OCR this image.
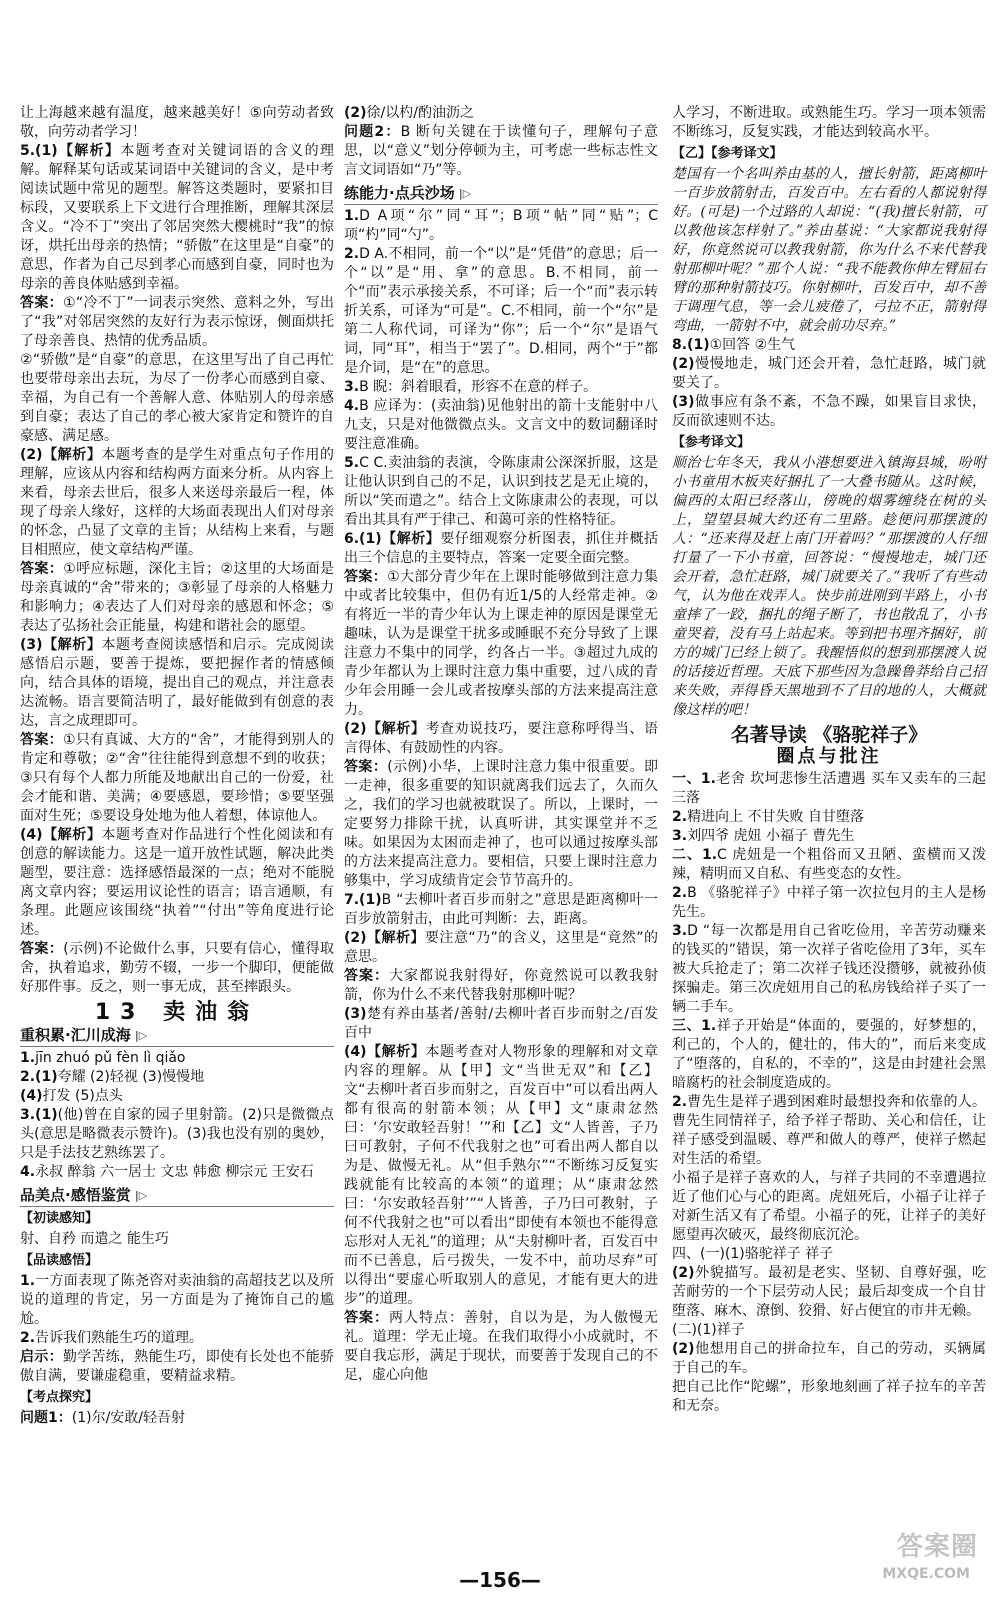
让上海越来越有温度，越来越美好！⑤向劳动者致敬，向劳动者学习！

5.(1)【解析】本题考查对关键词语的含义的理解。解释某句话或某词语中关键词的含义，是中考阅读试题中常见的题型。解答这类题时，要紧扣目标段，又要联系上下文进行合理推断，理解其深层含义。“冷不丁”突出了邻居突然大樱桃时“我”的惊讶，烘托出母亲的热情；“骄傲”在这里是“自豪”的意思，作者为自己尽到孝心而感到自豪，同时也为母亲的善良体贴感到幸福。

答案：①“冷不丁”一词表示突然、意料之外，写出了“我”对邻居突然的友好行为表示惊讶，侧面烘托了母亲善良、热情的优秀品质。

②“骄傲”是“自豪”的意思，在这里写出了自己再忙也要带母亲出去玩，为尽了一份孝心而感到自豪、幸福，为自己有一个善解人意、体贴别人的母亲感到自豪；表达了自己的孝心被大家肯定和赞许的自豪感、满足感。

(2)【解析】本题考查的是学生对重点句子作用的理解，应该从内容和结构两方面来分析。从内容上来看，母亲去世后，很多人来送母亲最后一程，体现了母亲人缘好，这样的大场面表现出人们对母亲的怀念，凸显了文章的主旨；从结构上来看，与题目相照应，使文章结构严谨。

答案：①呼应标题，深化主旨；②这里的大场面是母亲真诚的“舍”带来的；③彰显了母亲的人格魅力和影响力；④表达了人们对母亲的感恩和怀念；⑤表达了弘扬社会正能量，构建和谐社会的愿望。

(3)【解析】本题考查阅读感悟和启示。完成阅读感悟启示题，要善于提炼，要把握作者的情感倾向，结合具体的语境，提出自己的观点，并注意表达流畅。语言要简洁明了，最好能做到有创意的表达，言之成理即可。

答案：①只有真诚、大方的“舍”，才能得到别人的肯定和尊敬；②“舍”往往能得到意想不到的收获；③只有每个人都力所能及地献出自己的一份爱，社会才能和谐、美满；④要感恩，要珍惜；⑤要坚强面对生死；⑤要设身处地为他人着想，体谅他人。

(4)【解析】本题考查对作品进行个性化阅读和有创意的解读能力。这是一道开放性试题，解决此类题型，要注意：选择感悟最深的一点；绝对不能脱离文章内容；要运用议论性的语言；语言通顺，有条理。此题应该围绕“执着”“付出”等角度进行论述。

答案：(示例)不论做什么事，只要有信心，懂得取舍，执着追求，勤劳不辍，一步一个脚印，便能做好那件事。反之，则一事无成，甚至摔跟头。

13 卖油翁
重积累·汇川成海 |▷

1.jīn zhuó pǔ fèn lì qiǎo

2.(1)夸耀 (2)轻视 (3)慢慢地

(4)打发 (5)点头

3.(1)(他)曾在自家的园子里射箭。(2)只是微微点头(意思是略微表示赞许)。(3)我也没有别的奥妙，只是手法技艺熟练罢了。

4.永叔 醉翁 六一居士 文忠 韩愈 柳宗元 王安石

品美点·感悟鉴赏 |▷
【初读感知】

射、自矜 而遣之 能生巧

【品读感悟】

1.一方面表现了陈尧咨对卖油翁的高超技艺以及所说的道理的肯定，另一方面是为了掩饰自己的尴尬。

2.告诉我们熟能生巧的道理。

启示：勤学苦练，熟能生巧，即使有长处也不能骄傲自满，要谦虚稳重，要精益求精。

【考点探究】

问题1：(1)尔/安敢/轻吾射

(2)徐/以杓/酌油沥之

问题2：B 断句关键在于读懂句子，理解句子意思，以“意义”划分停顿为主，可考虑一些标志性文言文词语如“乃”等。

练能力·点兵沙场 |▷

1.D A项“尔”同“耳”；B项“帖”同“贴”；C项“杓”同“勺”。

2.D A.不相同，前一个“以”是“凭借”的意思；后一个“以”是“用、拿”的意思。B.不相同，前一个“而”表示承接关系，不可译；后一个“而”表示转折关系，可译为“可是”。C.不相同，前一个“尔”是第二人称代词，可译为“你”；后一个“尔”是语气词，同“耳”，相当于“罢了”。D.相同，两个“于”都是介词，是“在”的意思。

3.B 睨：斜着眼看，形容不在意的样子。

4.B 应译为：(卖油翁)见他射出的箭十支能射中八九支，只是对他微微点头。文言文中的数词翻译时要注意准确。

5.C C.卖油翁的表演，令陈康肃公深深折服，这是让他认识到自己的不足，认识到技艺是无止境的，所以“笑而遣之”。结合上文陈康肃公的表现，可以看出其具有严于律己、和蔼可亲的性格特征。

6.(1)【解析】要仔细观察分析图表，抓住并概括出三个信息的主要特点，答案一定要全面完整。

答案：①大部分青少年在上课时能够做到注意力集中或者比较集中，但仍有近1/5的人经常走神。②有将近一半的青少年认为上课走神的原因是课堂无趣味，认为是课堂干扰多或睡眠不充分导致了上课注意力不集中的同学，约各占一半。③超过九成的青少年都认为上课时注意力集中重要，过八成的青少年会用睡一会儿或者按摩头部的方法来提高注意力。

(2)【解析】考查劝说技巧，要注意称呼得当、语言得体、有鼓励性的内容。

答案：(示例)小华，上课时注意力集中很重要。即一走神，很多重要的知识就离我们远去了，久而久之，我们的学习也就被耽误了。所以，上课时，一定要努力排除干扰，认真听讲，其实课堂并不乏味。如果因为太困而走神了，也可以通过按摩头部的方法来提高注意力。要相信，只要上课时注意力够集中，学习成绩肯定会节节高升的。

7.(1)B “去柳叶者百步而射之”意思是距离柳叶一百步放箭射击，由此可判断：去，距离。

(2)【解析】要注意“乃”的含义，这里是“竟然”的意思。

答案：大家都说我射得好，你竟然说可以教我射箭，你为什么不来代替我射那柳叶呢？

(3)楚有养由基者/善射/去柳叶者百步而射之/百发百中

(4)【解析】本题考查对人物形象的理解和对文章内容的理解。从【甲】文“当世无双”和【乙】文“去柳叶者百步而射之，百发百中”可以看出两人都有很高的射箭本领；从【甲】文“康肃忿然曰：‘尔安敢轻吾射！’”和【乙】文“人皆善，子乃曰可教射，子何不代我射之也”可看出两人都自以为是、做慢无礼。从“但手熟尔”“不断练习反复实践就能有比较高的本领”的道理；从“康肃忿然曰：‘尔安敢轻吾射’”“人皆善，子乃曰可教射，子何不代我射之也”可以看出“即使有本领也不能得意忘形对人无礼”的道理；从“夫射柳叶者，百发百中而不已善息，后弓拨失，一发不中，前功尽弃”可以得出“要虚心听取别人的意见，才能有更大的进步”的道理。

答案：两人特点：善射，自以为是，为人傲慢无礼。道理：学无止境。在我们取得小小成就时，不要自我忘形，满足于现状，而要善于发现自己的不足，虚心向他

人学习，不断进取。或熟能生巧。学习一项本领需不断练习，反复实践，才能达到较高水平。

【乙】【参考译文】

楚国有一个名叫养由基的人，擅长射箭，距离柳叶一百步放箭射击，百发百中。左右看的人都说射得好。(可是)一个过路的人却说：“(我)擅长射箭，可以教他该怎样射了。”养由基说：“大家都说我射得好，你竟然说可以教我射箭，你为什么不来代替我射那柳叶呢？”那个人说：“我不能教你伸左臂屈右臂的那种射箭技巧。你射柳叶，百发百中，却不善于调理气息，等一会儿疲倦了，弓拉不正，箭射得弯曲，一箭射不中，就会前功尽弃。”

8.(1)①回答 ②生气

(2)慢慢地走，城门还会开着，急忙赶路，城门就要关了。

(3)做事应有条不紊，不急不躁，如果盲目求快，反而欲速则不达。

【参考译文】

顺治七年冬天，我从小港想要进入镇海县城，吩咐小书童用木板夹好捆扎了一大叠书随从。这时候，偏西的太阳已经落山，傍晚的烟雾缠绕在树的头上，望望县城大约还有二里路。趁便问那摆渡的人：“还来得及赶上南门开着吗？”那摆渡的人仔细打量了一下小书童，回答说：“慢慢地走，城门还会开着，急忙赶路，城门就要关了。”我听了有些动气，认为他在戏弄人。快步前进刚到半路上，小书童摔了一跤，捆扎的绳子断了，书也散乱了，小书童哭着，没有马上站起来。等到把书理齐捆好，前方的城门已经上锁了。我醒悟似的想到那摆渡人说的话接近哲理。天底下那些因为急躁鲁莽给自己招来失败，弄得昏天黑地到不了目的地的人，大概就像这样的吧！

名著导读 《骆驼祥子》
圈点与批注

一、1.老舍 坎坷悲惨生活遭遇 买车又卖车的三起三落

2.精进向上 不甘失败 自甘堕落

3.刘四爷 虎妞 小福子 曹先生

二、1.C 虎妞是一个粗俗而又丑陋、蛮横而又泼辣，精明而又自私、有些变态的女性。

2.B 《骆驼祥子》中祥子第一次拉包月的主人是杨先生。

3.D “每一次都是用自己省吃俭用，辛苦劳动赚来的钱买的”错误，第一次祥子省吃俭用了3年，买车被大兵抢走了；第二次祥子钱还没攒够，就被孙侦探骗走。第三次虎妞用自己的私房钱给祥子买了一辆二手车。

三、1.祥子开始是“体面的，要强的，好梦想的，利己的，个人的，健壮的，伟大的”，而后来变成了“堕落的，自私的，不幸的”，这是由封建社会黑暗腐朽的社会制度造成的。

2.曹先生是祥子遇到困难时最想投奔和依靠的人。曹先生同情祥子，给予祥子帮助、关心和信任，让祥子感受到温暖、尊严和做人的尊严，使祥子燃起对生活的希望。

小福子是祥子喜欢的人，与祥子共同的不幸遭遇拉近了他们心与心的距离。虎妞死后，小福子让祥子对新生活又有了希望。小福子的死，让祥子的美好愿望再次破灭，最终彻底沉沦。

四、(一)(1)骆驼祥子 祥子

(2)外貌描写。最初是老实、坚韧、自尊好强，吃苦耐劳的一个下层劳动人民；最后却变成一个自甘堕落、麻木、潦倒、狡猾、好占便宜的市井无赖。

(二)(1)祥子

(2)他想用自己的拼命拉车，自己的劳动，买辆属于自己的车。

把自己比作“陀螺”，形象地刻画了祥子拉车的辛苦和无奈。

—156—
答案圈
MXQE.COM
